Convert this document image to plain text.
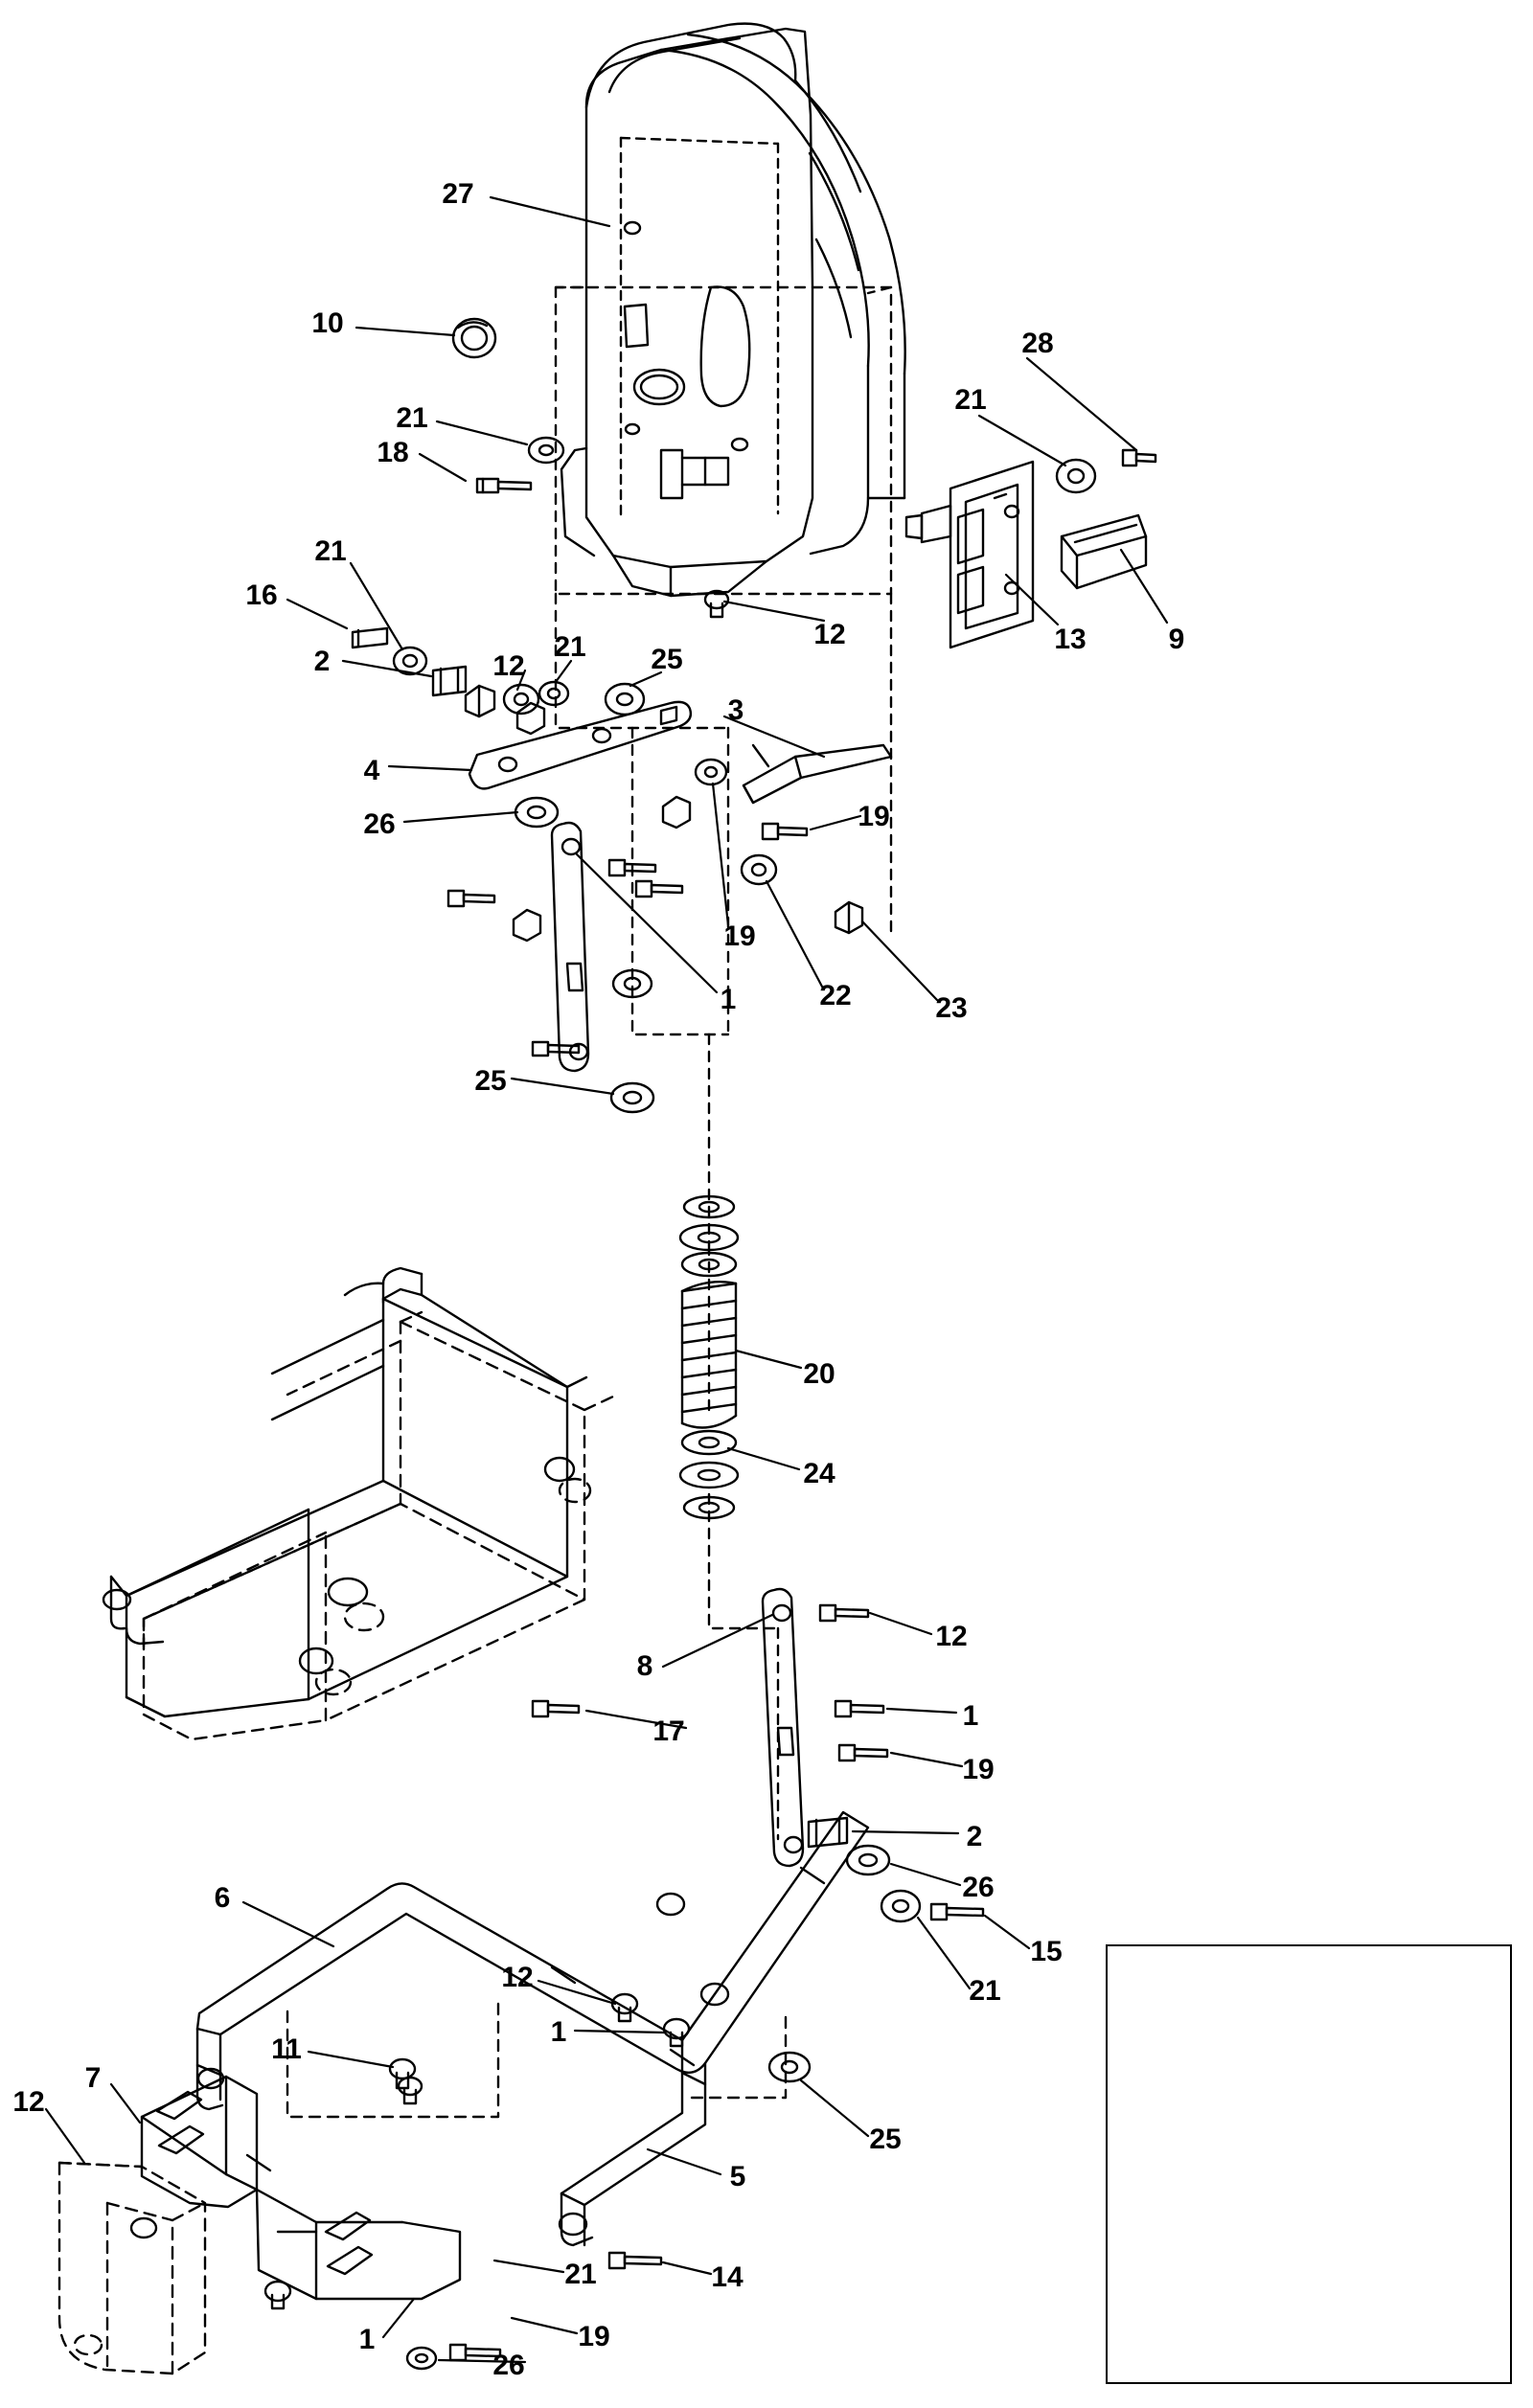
27
10
18
21
28
21
12	13	9
16
21
2	21
12	25
3
4
26	19
19
1	22	23
25
20
24
12
8
1
17
19
2
26
15
21
6
12
1
11
7
12
25
5
14
21
19
26
1
